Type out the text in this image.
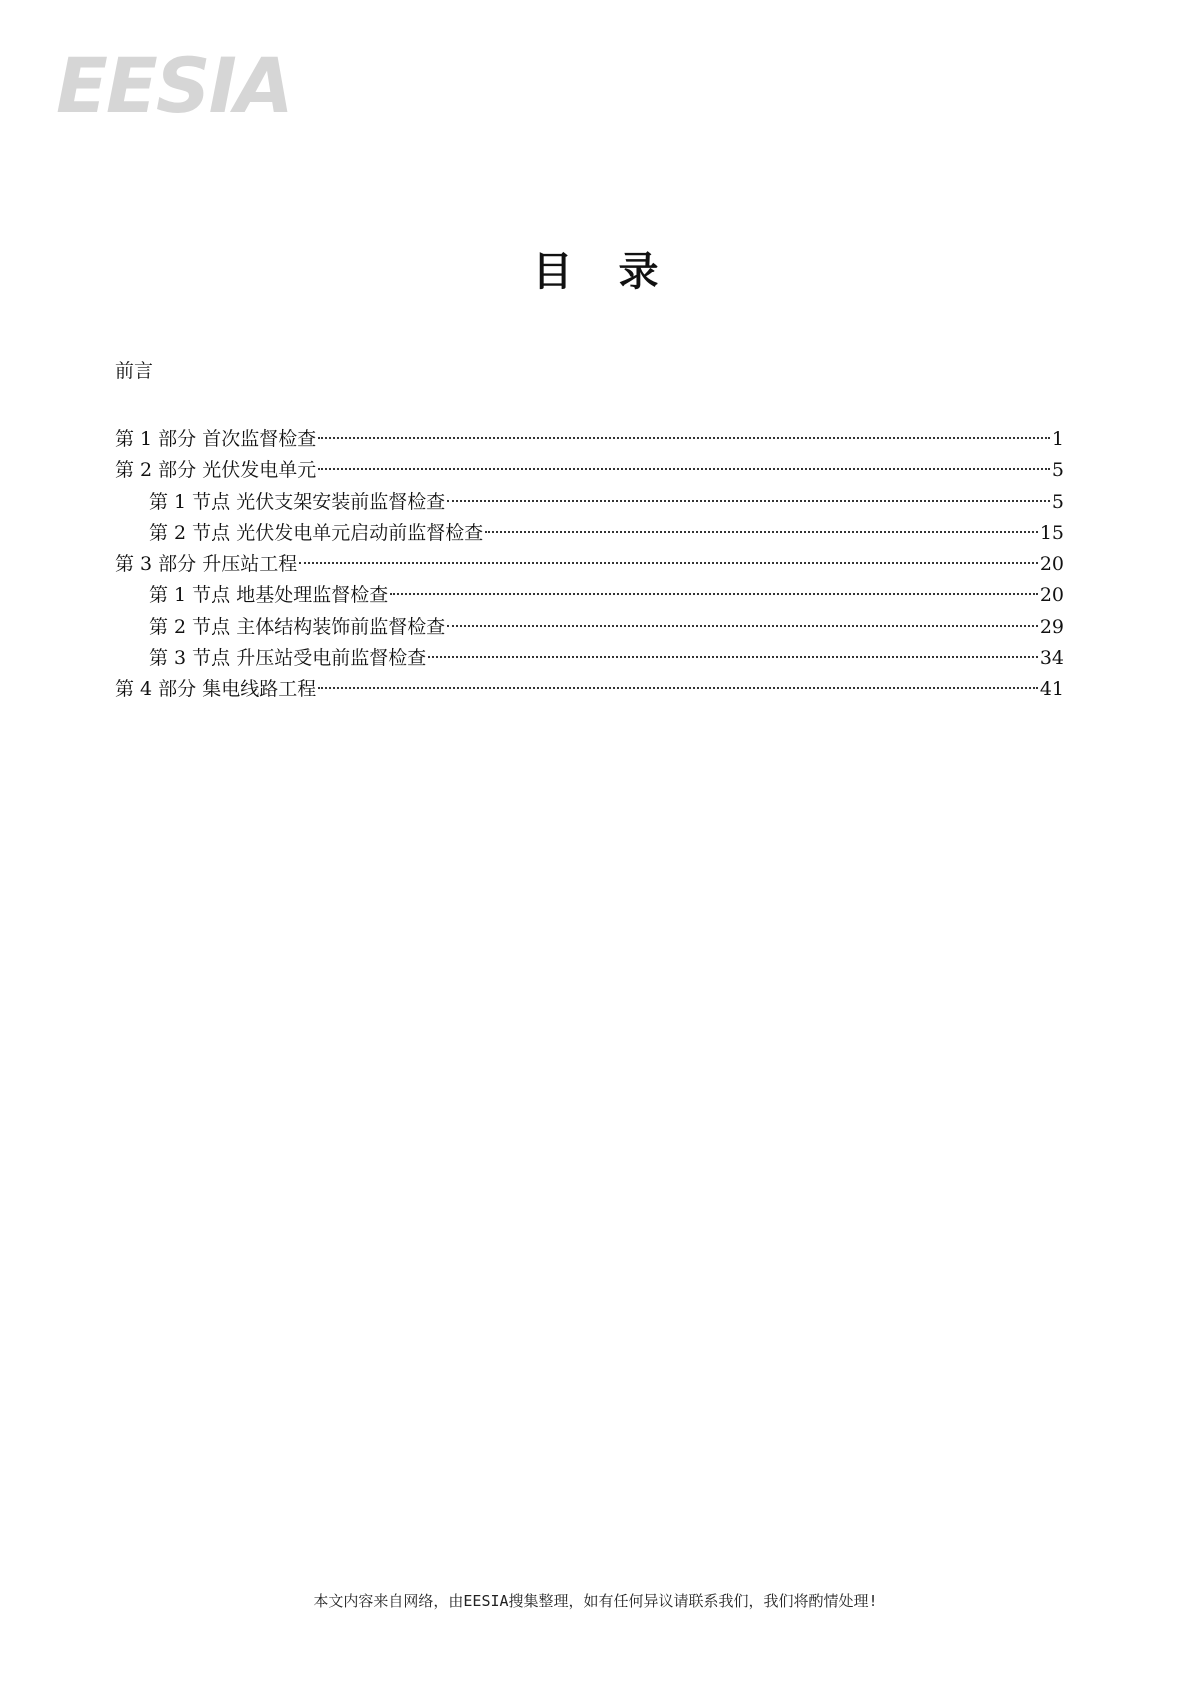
EESIA
目录
前言
第 1 部分 首次监督检查	1
第 2 部分 光伏发电单元	5
第 1 节点 光伏支架安装前监督检查	5
第 2 节点 光伏发电单元启动前监督检查	15
第 3 部分 升压站工程	20
第 1 节点 地基处理监督检查	20
第 2 节点 主体结构装饰前监督检查	29
第 3 节点 升压站受电前监督检查	34
第 4 部分 集电线路工程	41
本文内容来自网络，由EESIA搜集整理，如有任何异议请联系我们，我们将酌情处理!
